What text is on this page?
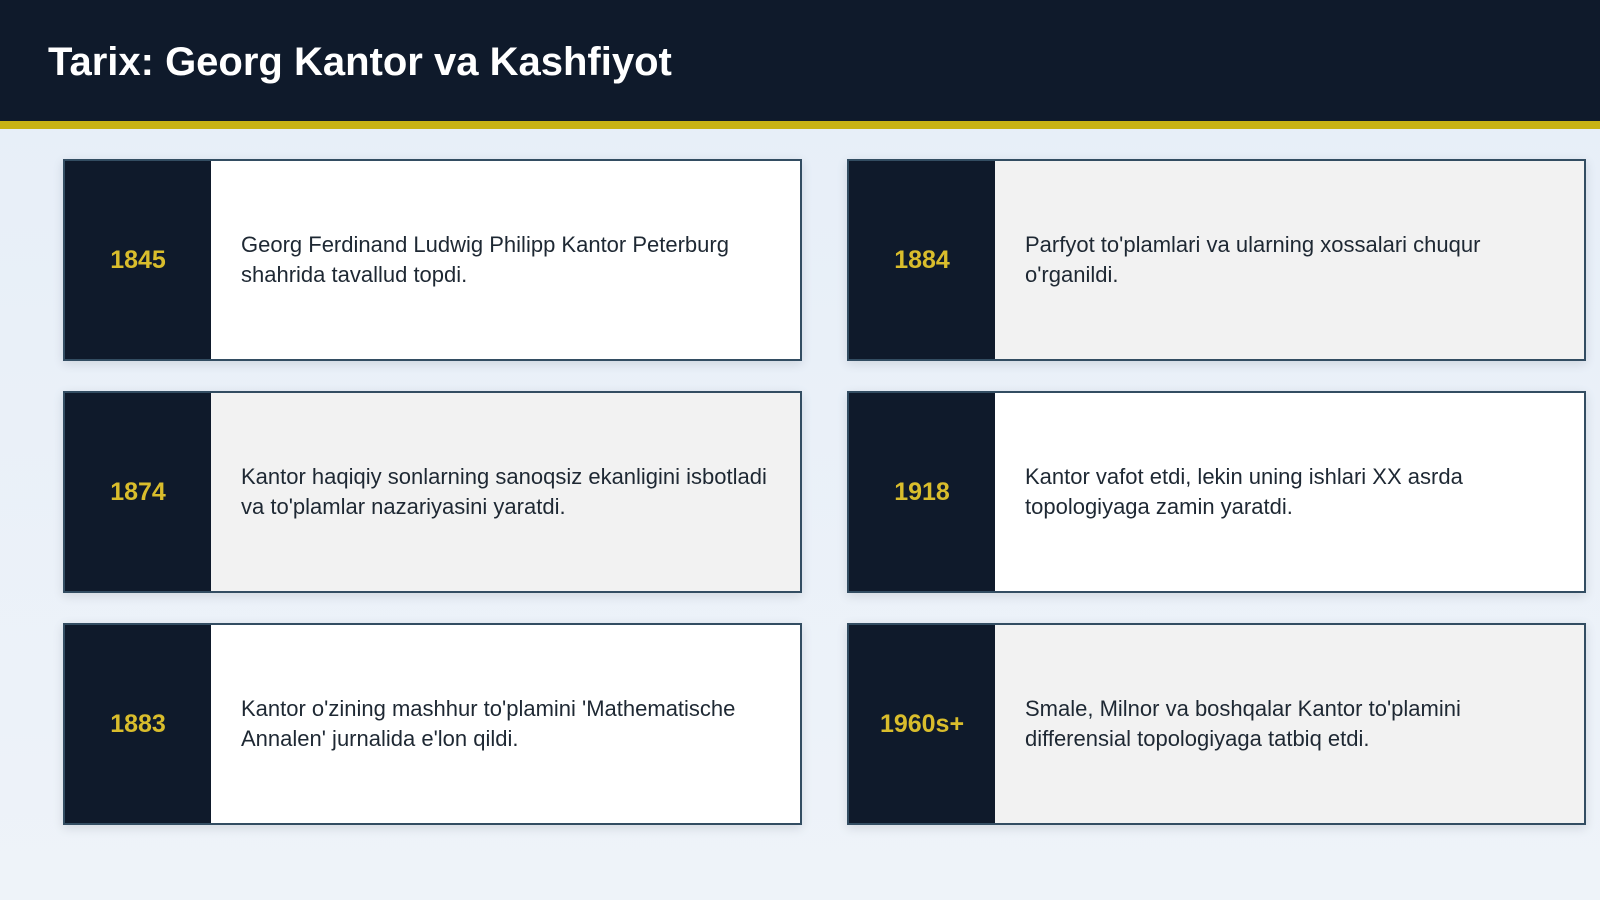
Tarix: Georg Kantor va Kashfiyot
1845
Georg Ferdinand Ludwig Philipp Kantor Peterburg shahrida tavallud topdi.
1884
Parfyot to'plamlari va ularning xossalari chuqur o'rganildi.
1874
Kantor haqiqiy sonlarning sanoqsiz ekanligini isbotladi va to'plamlar nazariyasini yaratdi.
1918
Kantor vafot etdi, lekin uning ishlari XX asrda topologiyaga zamin yaratdi.
1883
Kantor o'zining mashhur to'plamini 'Mathematische Annalen' jurnalida e'lon qildi.
1960s+
Smale, Milnor va boshqalar Kantor to'plamini differensial topologiyaga tatbiq etdi.
